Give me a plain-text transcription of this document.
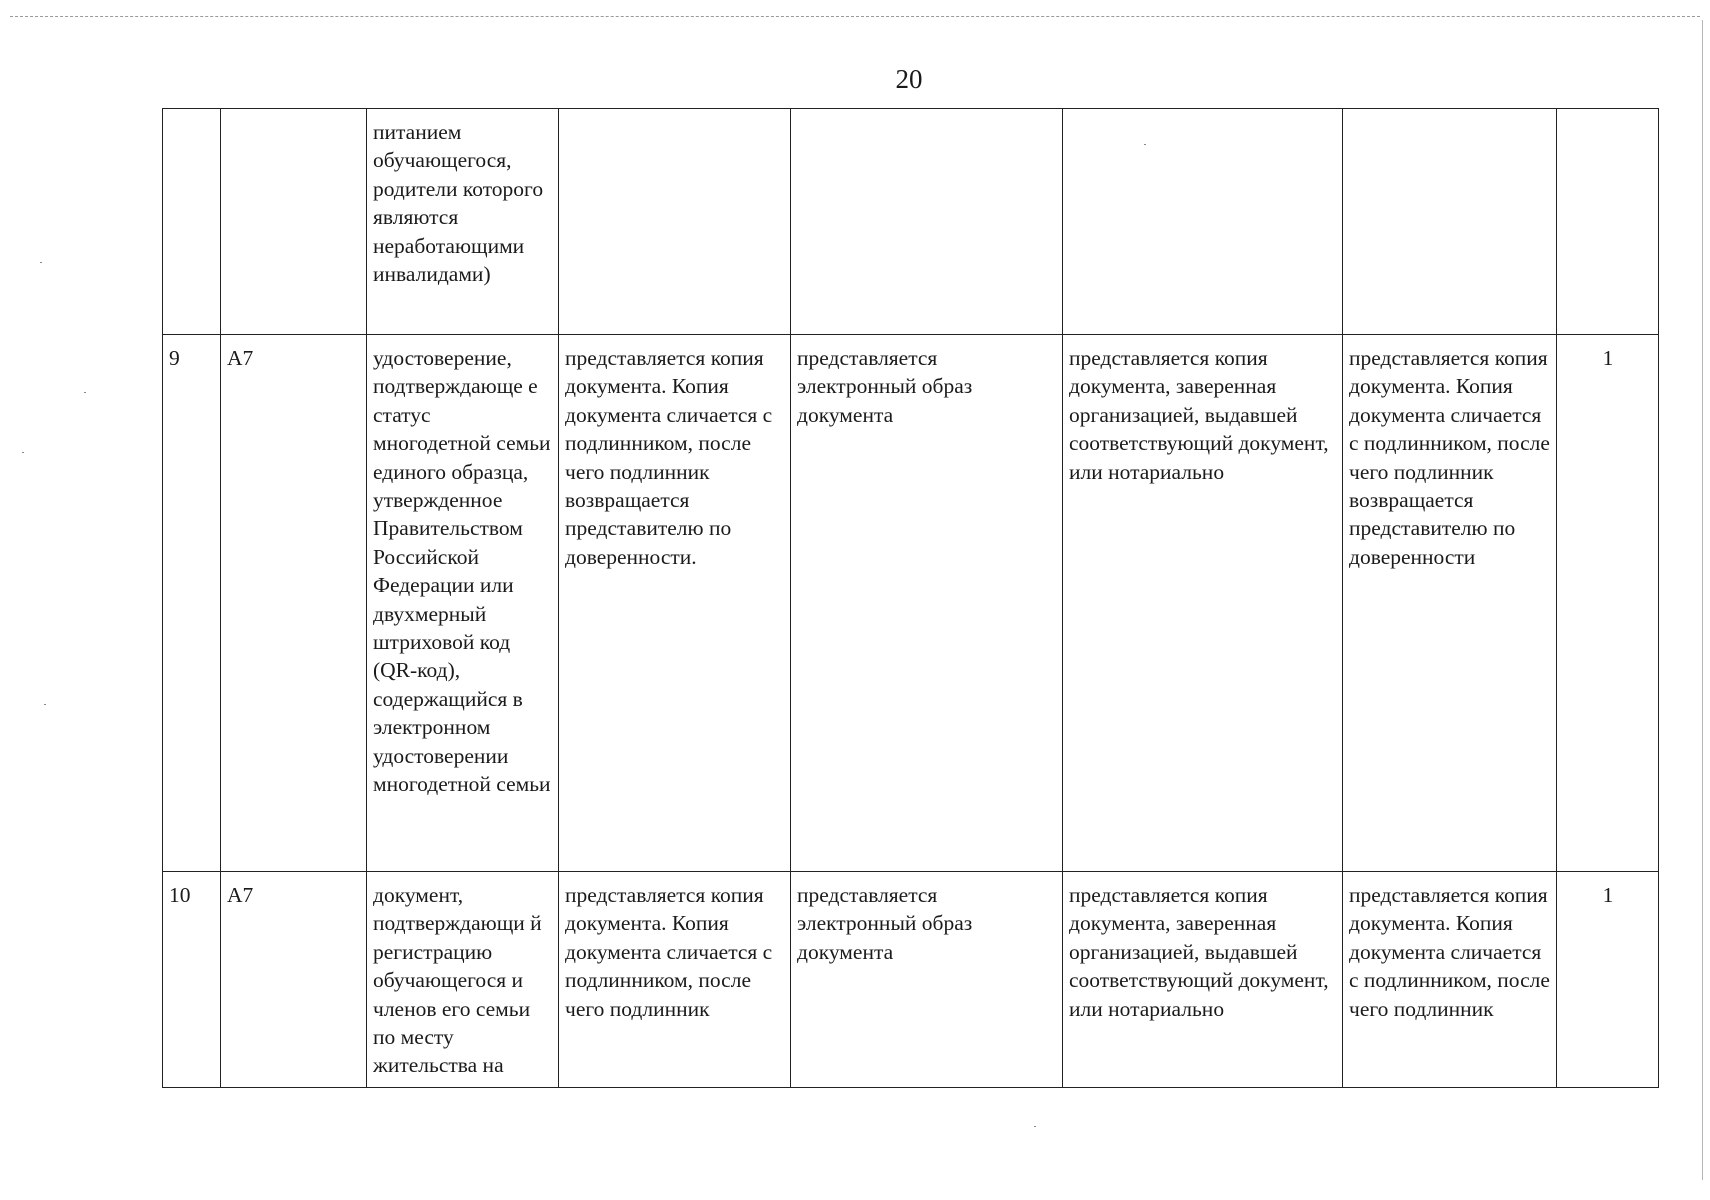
20
		питанием обучающегося, родители которого являются неработающими инвалидами)					
9	А7	удостоверение, подтверждающе е статус многодетной семьи единого образца, утвержденное Правительством Российской Федерации или двухмерный штриховой код (QR-код), содержащийся в электронном удостоверении многодетной семьи	представляется копия документа. Копия документа сличается с подлинником, после чего подлинник возвращается представителю по доверенности.	представляется электронный образ документа	представляется копия документа, заверенная организацией, выдавшей соответствующий документ, или нотариально	представляется копия документа. Копия документа сличается с подлинником, после чего подлинник возвращается представителю по доверенности	1
10	А7	документ, подтверждающи й регистрацию обучающегося и членов его семьи по месту жительства на	представляется копия документа. Копия документа сличается с подлинником, после чего подлинник	представляется электронный образ документа	представляется копия документа, заверенная организацией, выдавшей соответствующий документ, или нотариально	представляется копия документа. Копия документа сличается с подлинником, после чего подлинник	1
